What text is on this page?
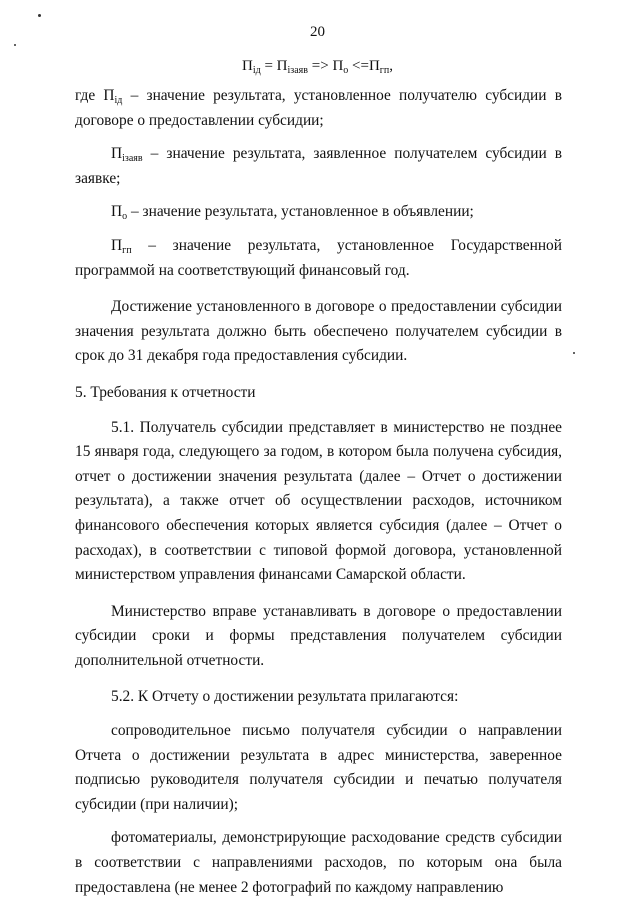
20
$П_{iд} = П_{iзаяв} => П_о <=П_{гп}$,

где $П_{iд}$ – значение результата, установленное получателю субсидии в договоре о предоставлении субсидии;

$П_{iзаяв}$ – значение результата, заявленное получателем субсидии в заявке;

$П_о$ – значение результата, установленное в объявлении;

$П_{гп}$ – значение результата, установленное Государственной программой на соответствующий финансовый год.

Достижение установленного в договоре о предоставлении субсидии значения результата должно быть обеспечено получателем субсидии в срок до 31 декабря года предоставления субсидии.

5. Требования к отчетности

5.1. Получатель субсидии представляет в министерство не позднее 15 января года, следующего за годом, в котором была получена субсидия, отчет о достижении значения результата (далее – Отчет о достижении результата), а также отчет об осуществлении расходов, источником финансового обеспечения которых является субсидия (далее – Отчет о расходах), в соответствии с типовой формой договора, установленной министерством управления финансами Самарской области.

Министерство вправе устанавливать в договоре о предоставлении субсидии сроки и формы представления получателем субсидии дополнительной отчетности.

5.2. К Отчету о достижении результата прилагаются:

сопроводительное письмо получателя субсидии о направлении Отчета о достижении результата в адрес министерства, заверенное подписью руководителя получателя субсидии и печатью получателя субсидии (при наличии);

фотоматериалы, демонстрирующие расходование средств субсидии в соответствии с направлениями расходов, по которым она была предоставлена (не менее 2 фотографий по каждому направлению
